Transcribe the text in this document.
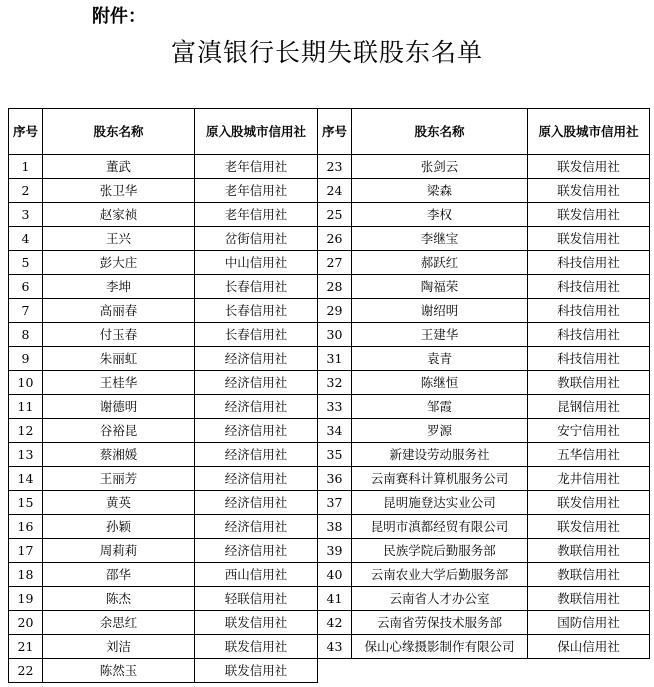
附件：
富滇银行长期失联股东名单
序号	股东名称	原入股城市信用社	序号	股东名称	原入股城市信用社
1	董武	老年信用社	23	张剑云	联发信用社
2	张卫华	老年信用社	24	梁森	联发信用社
3	赵家祯	老年信用社	25	李权	联发信用社
4	王兴	岔街信用社	26	李继宝	联发信用社
5	彭大庄	中山信用社	27	郝跃红	科技信用社
6	李坤	长春信用社	28	陶福荣	科技信用社
7	高丽春	长春信用社	29	谢绍明	科技信用社
8	付玉春	长春信用社	30	王建华	科技信用社
9	朱丽虹	经济信用社	31	袁青	科技信用社
10	王桂华	经济信用社	32	陈继恒	教联信用社
11	谢德明	经济信用社	33	邹霞	昆钢信用社
12	谷裕昆	经济信用社	34	罗源	安宁信用社
13	蔡湘媛	经济信用社	35	新建设劳动服务社	五华信用社
14	王丽芳	经济信用社	36	云南赛科计算机服务公司	龙井信用社
15	黄英	经济信用社	37	昆明施登达实业公司	联发信用社
16	孙颖	经济信用社	38	昆明市滇都经贸有限公司	联发信用社
17	周莉莉	经济信用社	39	民族学院后勤服务部	教联信用社
18	邵华	西山信用社	40	云南农业大学后勤服务部	教联信用社
19	陈杰	轻联信用社	41	云南省人才办公室	教联信用社
20	余思红	联发信用社	42	云南省劳保技术服务部	国防信用社
21	刘洁	联发信用社	43	保山心缘摄影制作有限公司	保山信用社
22	陈然玉	联发信用社			
